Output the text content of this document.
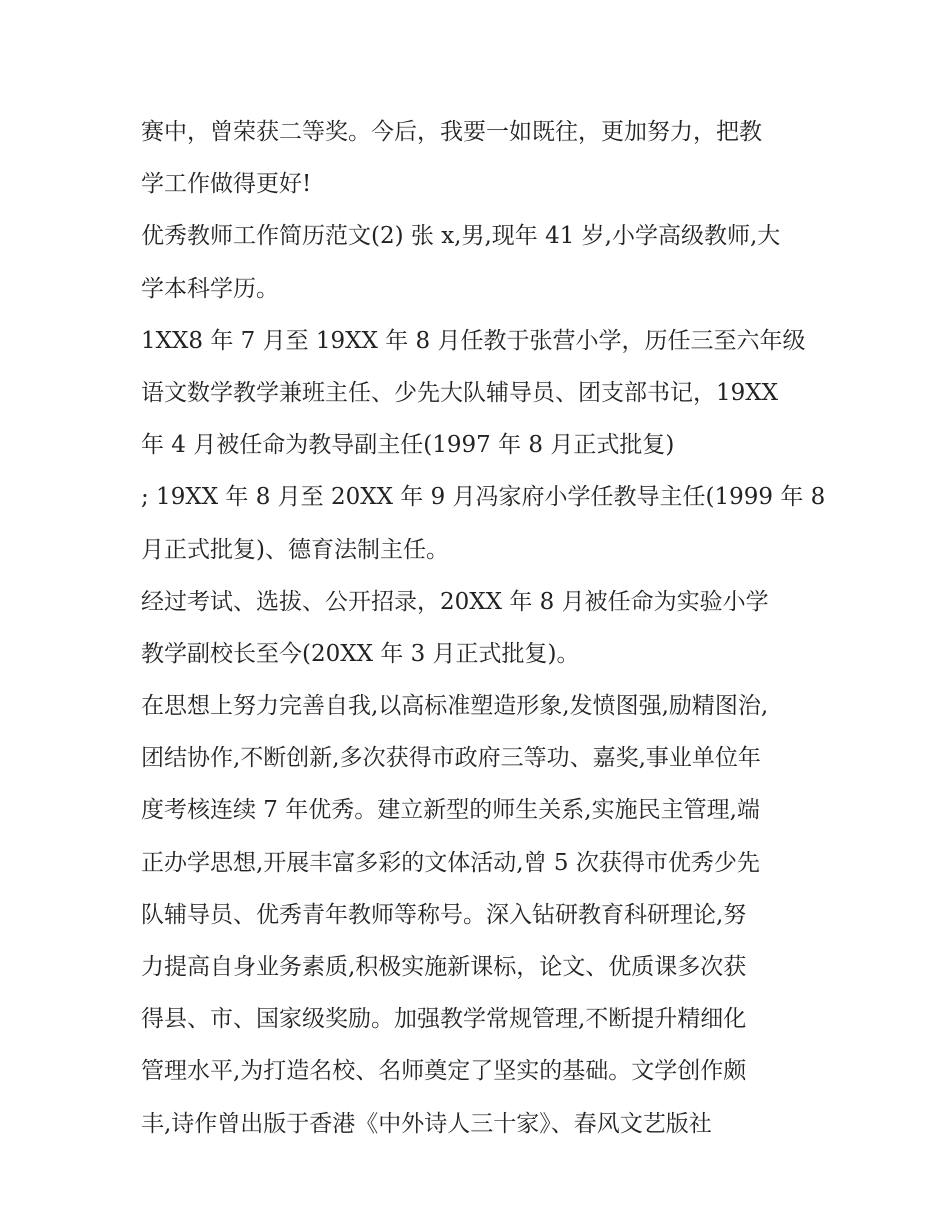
赛中，曾荣获二等奖。今后，我要一如既往，更加努力，把教
学工作做得更好!
优秀教师工作简历范文(2) 张 x,男,现年 41 岁,小学高级教师,大
学本科学历。
1XX8 年 7 月至 19XX 年 8 月任教于张营小学，历任三至六年级
语文数学教学兼班主任、少先大队辅导员、团支部书记，19XX
年 4 月被任命为教导副主任(1997 年 8 月正式批复)
; 19XX 年 8 月至 20XX 年 9 月冯家府小学任教导主任(1999 年 8
月正式批复)、德育法制主任。
经过考试、选拔、公开招录，20XX 年 8 月被任命为实验小学
教学副校长至今(20XX 年 3 月正式批复)。
在思想上努力完善自我,以高标准塑造形象,发愤图强,励精图治,
团结协作,不断创新,多次获得市政府三等功、嘉奖,事业单位年
度考核连续 7 年优秀。建立新型的师生关系,实施民主管理,端
正办学思想,开展丰富多彩的文体活动,曾 5 次获得市优秀少先
队辅导员、优秀青年教师等称号。深入钻研教育科研理论,努
力提高自身业务素质,积极实施新课标，论文、优质课多次获
得县、市、国家级奖励。加强教学常规管理,不断提升精细化
管理水平,为打造名校、名师奠定了坚实的基础。文学创作颇
丰,诗作曾出版于香港《中外诗人三十家》、春风文艺版社
